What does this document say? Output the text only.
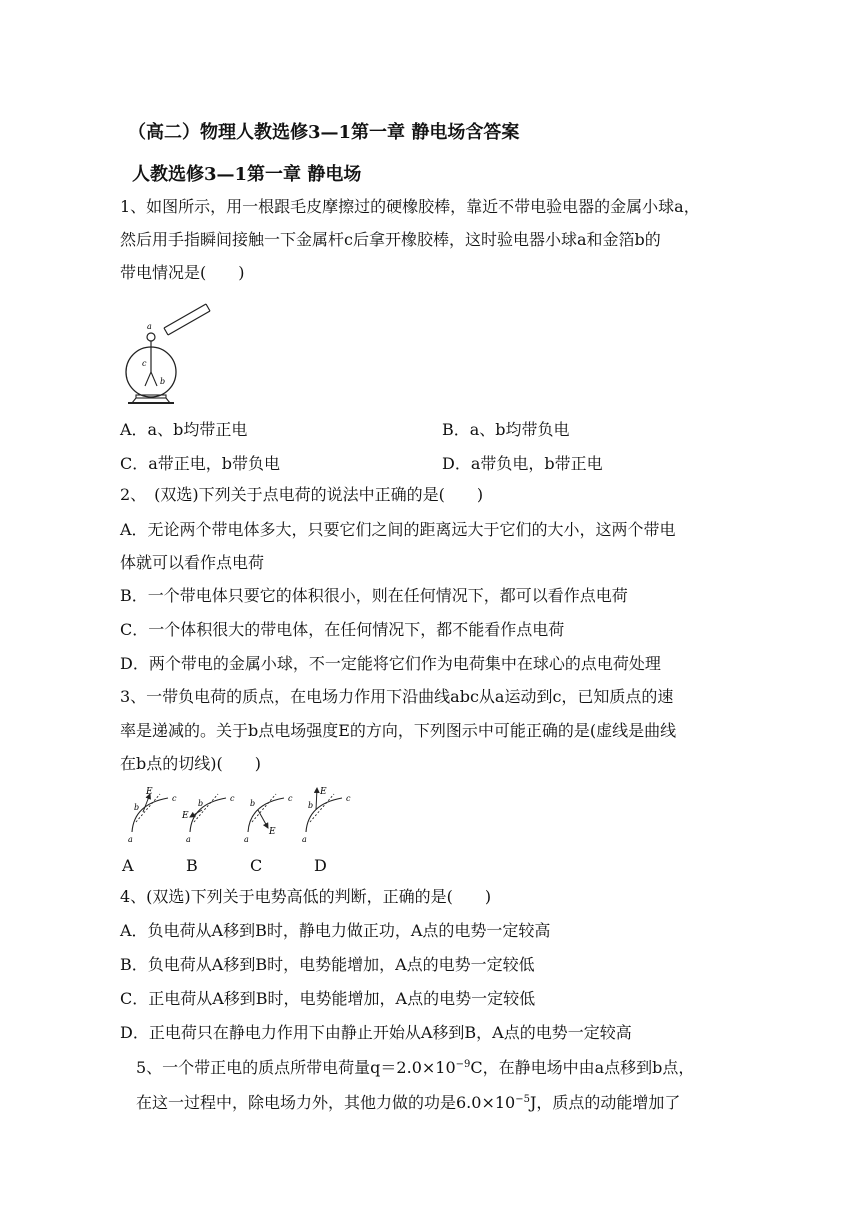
（高二）物理人教选修3—1第一章 静电场含答案
人教选修3—1第一章 静电场
1、如图所示，用一根跟毛皮摩擦过的硬橡胶棒，靠近不带电验电器的金属小球a，
然后用手指瞬间接触一下金属杆c后拿开橡胶棒，这时验电器小球a和金箔b的
带电情况是(　　)
a
c
b
A．a、b均带正电	B．a、b均带负电
C．a带正电，b带负电	D．a带负电，b带正电
2、　(双选)下列关于点电荷的说法中正确的是(　　)
A．无论两个带电体多大，只要它们之间的距离远大于它们的大小，这两个带电
体就可以看作点电荷
B．一个带电体只要它的体积很小，则在任何情况下，都可以看作点电荷
C．一个体积很大的带电体，在任何情况下，都不能看作点电荷
D．两个带电的金属小球，不一定能将它们作为电荷集中在球心的点电荷处理
3、一带负电荷的质点，在电场力作用下沿曲线abc从a运动到c，已知质点的速
率是递减的。关于b点电场强度E的方向，下列图示中可能正确的是(虚线是曲线
在b点的切线)(　　)
E
b
c
a
E
b
c
a
E
b
c
a
E
b
c
a
A	B	C	D
4、(双选)下列关于电势高低的判断，正确的是(　　)
A．负电荷从A移到B时，静电力做正功，A点的电势一定较高
B．负电荷从A移到B时，电势能增加，A点的电势一定较低
C．正电荷从A移到B时，电势能增加，A点的电势一定较低
D．正电荷只在静电力作用下由静止开始从A移到B，A点的电势一定较高
5、一个带正电的质点所带电荷量$q=2.0\times 10^{-9}C$，在静电场中由a点移到b点，
在这一过程中，除电场力外，其他力做的功是$6.0\times 10^{-5}J$，质点的动能增加了
